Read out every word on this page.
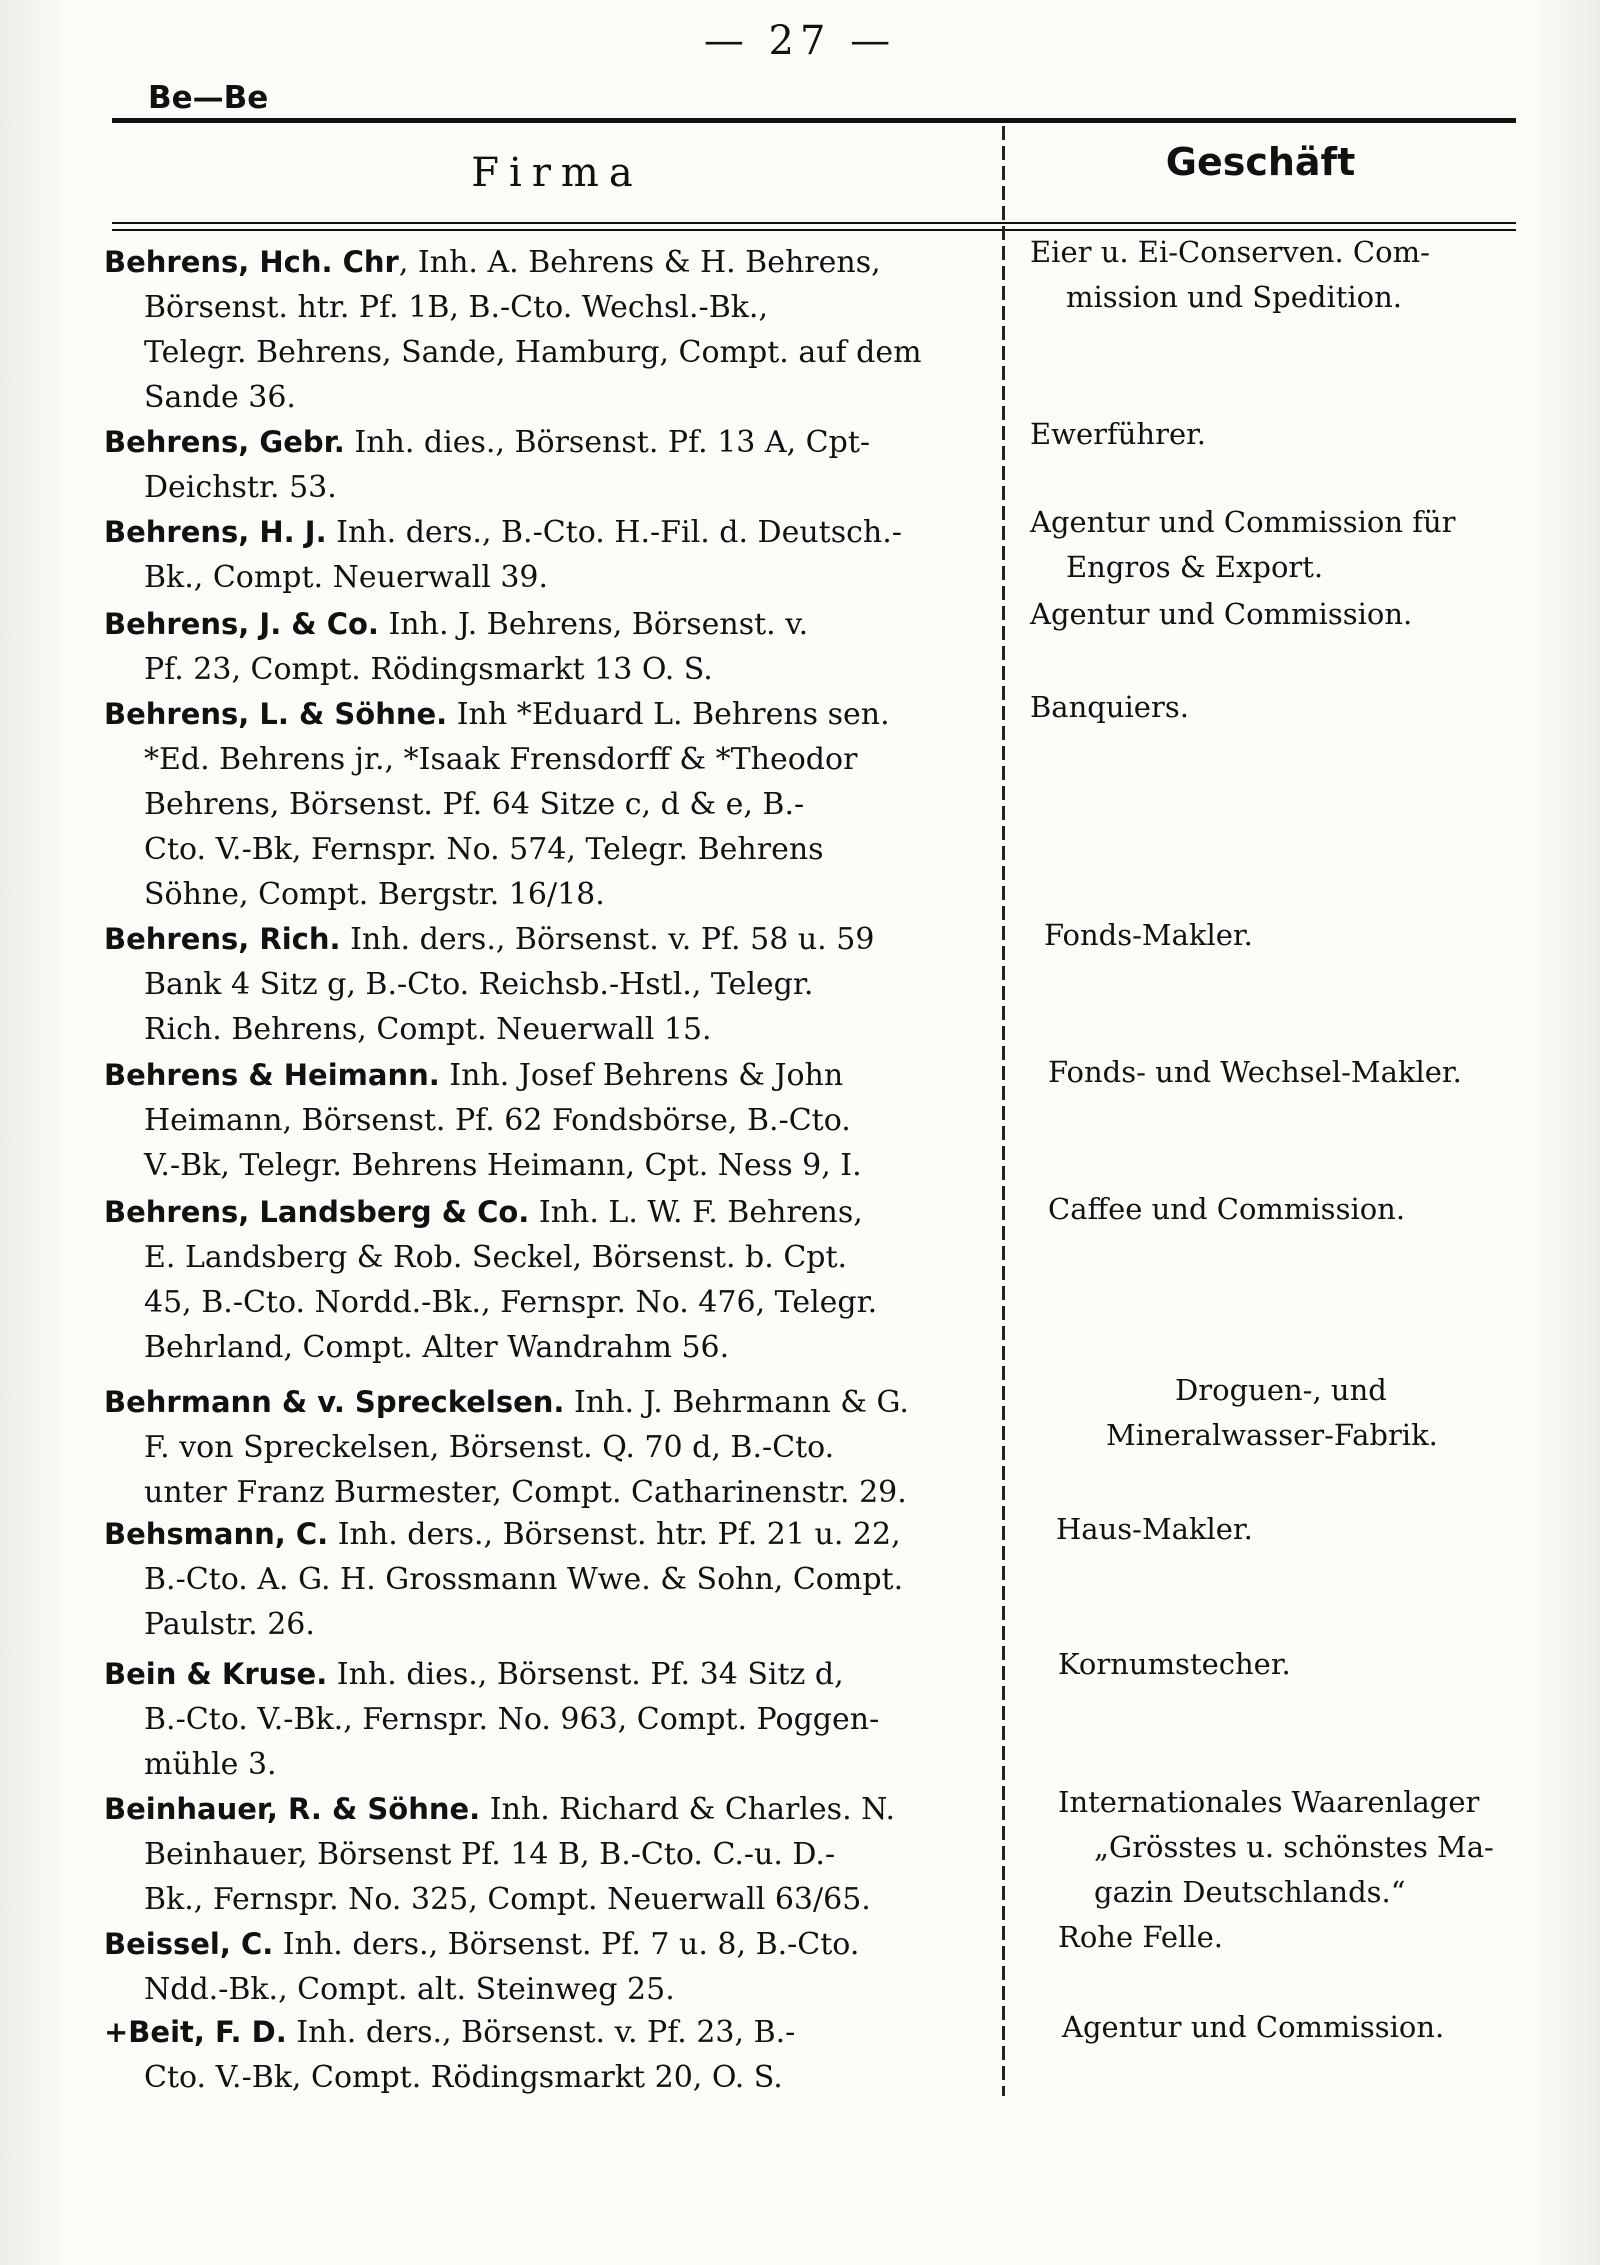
— 27 —
Be—Be
Firma	Geschäft
Behrens, Hch. Chr, Inh. A. Behrens & H. Behrens,
Börsenst. htr. Pf. 1B, B.-Cto. Wechsl.-Bk.,
Telegr. Behrens, Sande, Hamburg, Compt. auf dem
Sande 36.
Eier u. Ei-Conserven. Com-
mission und Spedition.
Behrens, Gebr. Inh. dies., Börsenst. Pf. 13 A, Cpt-
Deichstr. 53.
Ewerführer.
Behrens, H. J. Inh. ders., B.-Cto. H.-Fil. d. Deutsch.-
Bk., Compt. Neuerwall 39.
Agentur und Commission für
Engros & Export.
Behrens, J. & Co. Inh. J. Behrens, Börsenst. v.
Pf. 23, Compt. Rödingsmarkt 13 O. S.
Agentur und Commission.
Behrens, L. & Söhne. Inh *Eduard L. Behrens sen.
*Ed. Behrens jr., *Isaak Frensdorff & *Theodor
Behrens, Börsenst. Pf. 64 Sitze c, d & e, B.-
Cto. V.-Bk, Fernspr. No. 574, Telegr. Behrens
Söhne, Compt. Bergstr. 16/18.
Banquiers.
Behrens, Rich. Inh. ders., Börsenst. v. Pf. 58 u. 59
Bank 4 Sitz g, B.-Cto. Reichsb.-Hstl., Telegr.
Rich. Behrens, Compt. Neuerwall 15.
Fonds-Makler.
Behrens & Heimann. Inh. Josef Behrens & John
Heimann, Börsenst. Pf. 62 Fondsbörse, B.-Cto.
V.-Bk, Telegr. Behrens Heimann, Cpt. Ness 9, I.
Fonds- und Wechsel-Makler.
Behrens, Landsberg & Co. Inh. L. W. F. Behrens,
E. Landsberg & Rob. Seckel, Börsenst. b. Cpt.
45, B.-Cto. Nordd.-Bk., Fernspr. No. 476, Telegr.
Behrland, Compt. Alter Wandrahm 56.
Caffee und Commission.
Behrmann & v. Spreckelsen. Inh. J. Behrmann & G.
F. von Spreckelsen, Börsenst. Q. 70 d, B.-Cto.
unter Franz Burmester, Compt. Catharinenstr. 29.
Droguen-, und
Mineralwasser-Fabrik.
Behsmann, C. Inh. ders., Börsenst. htr. Pf. 21 u. 22,
B.-Cto. A. G. H. Grossmann Wwe. & Sohn, Compt.
Paulstr. 26.
Haus-Makler.
Bein & Kruse. Inh. dies., Börsenst. Pf. 34 Sitz d,
B.-Cto. V.-Bk., Fernspr. No. 963, Compt. Poggen-
mühle 3.
Kornumstecher.
Beinhauer, R. & Söhne. Inh. Richard & Charles. N.
Beinhauer, Börsenst Pf. 14 B, B.-Cto. C.-u. D.-
Bk., Fernspr. No. 325, Compt. Neuerwall 63/65.
Internationales Waarenlager
„Grösstes u. schönstes Ma-
gazin Deutschlands.“
Beissel, C. Inh. ders., Börsenst. Pf. 7 u. 8, B.-Cto.
Ndd.-Bk., Compt. alt. Steinweg 25.
Rohe Felle.
+Beit, F. D. Inh. ders., Börsenst. v. Pf. 23, B.-
Cto. V.-Bk, Compt. Rödingsmarkt 20, O. S.
Agentur und Commission.
